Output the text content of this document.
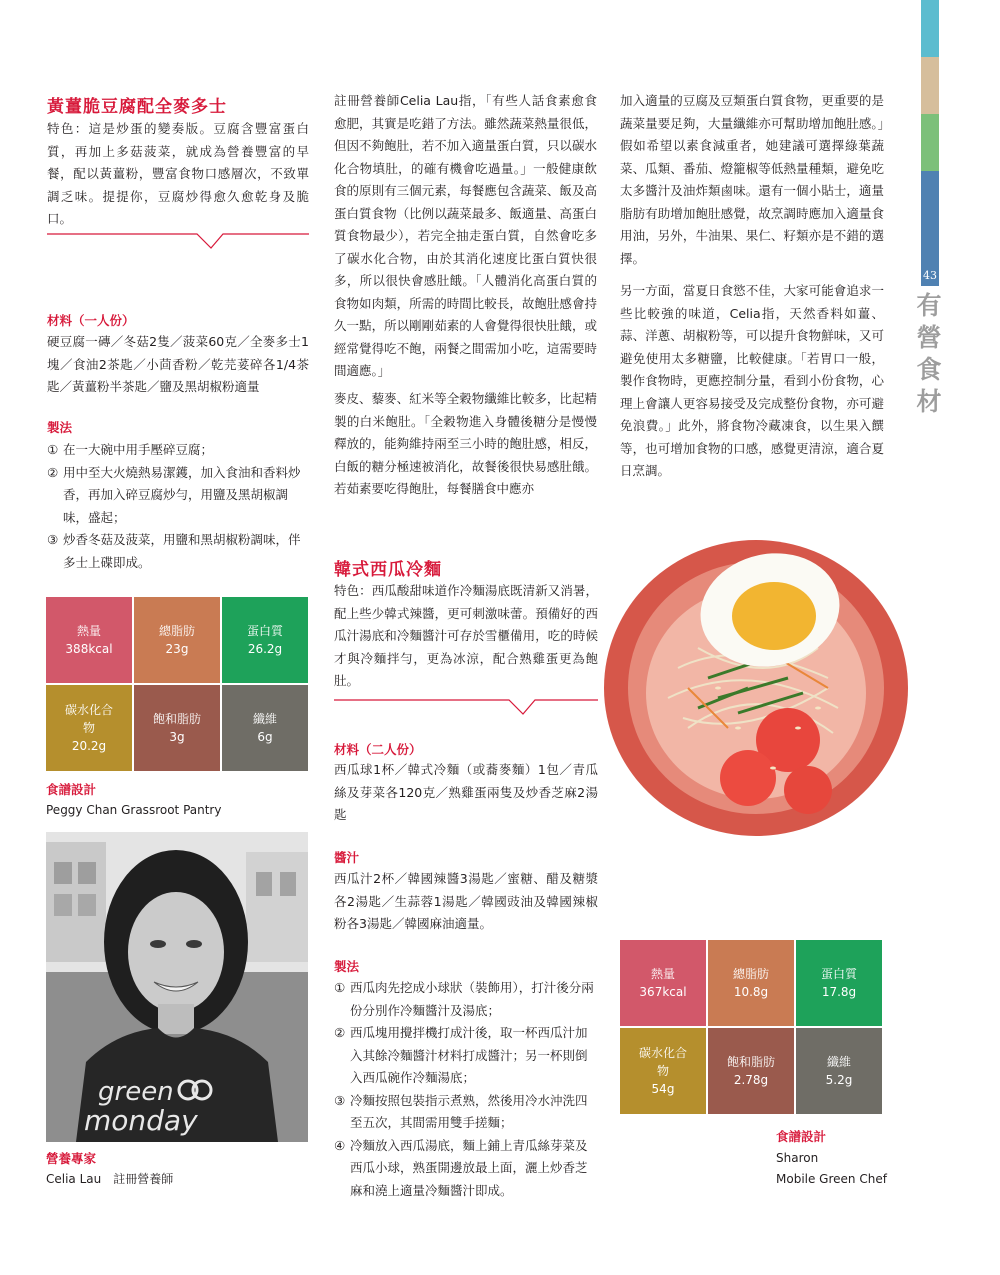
43
有
營
食
材
黃薑脆豆腐配全麥多士
特色：這是炒蛋的變奏版。豆腐含豐富蛋白質，再加上多菇菠菜，就成為營養豐富的早餐，配以黃薑粉，豐富食物口感層次，不致單調乏味。提提你，豆腐炒得愈久愈乾身及脆口。
材料（一人份）
硬豆腐一磚／冬菇2隻／菠菜60克／全麥多士1塊／食油2茶匙／小茴香粉／乾芫荽碎各1/4茶匙／黃薑粉半茶匙／鹽及黑胡椒粉適量
製法
① 在一大碗中用手壓碎豆腐；
② 用中至大火燒熱易潔鑊，加入食油和香料炒香，再加入碎豆腐炒勻，用鹽及黑胡椒調味，盛起；
③ 炒香冬菇及菠菜，用鹽和黑胡椒粉調味，伴多士上碟即成。
熱量
388kcal
總脂肪
23g
蛋白質
26.2g
碳水化合物
20.2g
飽和脂肪
3g
纖維
6g
食譜設計
Peggy Chan Grassroot Pantry
green
monday
營養專家
Celia Lau　註冊營養師
註冊營養師Celia Lau指，「有些人話食素愈食愈肥，其實是吃錯了方法。雖然蔬菜熱量很低，但因不夠飽肚，若不加入適量蛋白質，只以碳水化合物填肚，的確有機會吃過量。」一般健康飲食的原則有三個元素，每餐應包含蔬菜、飯及高蛋白質食物（比例以蔬菜最多、飯適量、高蛋白質食物最少），若完全抽走蛋白質，自然會吃多了碳水化合物，由於其消化速度比蛋白質快很多，所以很快會感肚餓。「人體消化高蛋白質的食物如肉類，所需的時間比較長，故飽肚感會持久一點，所以剛剛茹素的人會覺得很快肚餓，或經常覺得吃不飽，兩餐之間需加小吃，這需要時間適應。」
麥皮、藜麥、紅米等全穀物纖維比較多，比起精製的白米飽肚。「全穀物進入身體後糖分是慢慢釋放的，能夠維持兩至三小時的飽肚感，相反，白飯的糖分極速被消化，故餐後很快易感肚餓。若茹素要吃得飽肚，每餐膳食中應亦
加入適量的豆腐及豆類蛋白質食物，更重要的是蔬菜量要足夠，大量纖維亦可幫助增加飽肚感。」假如希望以素食減重者，她建議可選擇綠葉蔬菜、瓜類、番茄、燈籠椒等低熱量種類，避免吃太多醬汁及油炸類鹵味。還有一個小貼士，適量脂肪有助增加飽肚感覺，故烹調時應加入適量食用油，另外，牛油果、果仁、籽類亦是不錯的選擇。
另一方面，當夏日食慾不佳，大家可能會追求一些比較強的味道，Celia指，天然香料如薑、蒜、洋蔥、胡椒粉等，可以提升食物鮮味，又可避免使用太多糖鹽，比較健康。「若胃口一般，製作食物時，更應控制分量，看到小份食物，心理上會讓人更容易接受及完成整份食物，亦可避免浪費。」此外，將食物冷藏凍食，以生果入饌等，也可增加食物的口感，感覺更清涼，適合夏日烹調。
韓式西瓜冷麵
特色：西瓜酸甜味道作冷麵湯底既清新又消暑，配上些少韓式辣醬，更可刺激味蕾。預備好的西瓜汁湯底和冷麵醬汁可存於雪櫃備用，吃的時候才與冷麵拌勻，更為冰涼，配合熟雞蛋更為飽肚。
材料（二人份）
西瓜球1杯／韓式冷麵（或蕎麥麵）1包／青瓜絲及芽菜各120克／熟雞蛋兩隻及炒香芝麻2湯匙
醬汁
西瓜汁2杯／韓國辣醬3湯匙／蜜糖、醋及糖漿各2湯匙／生蒜蓉1湯匙／韓國豉油及韓國辣椒粉各3湯匙／韓國麻油適量。
製法
① 西瓜肉先挖成小球狀（裝飾用），打汁後分兩份分別作冷麵醬汁及湯底；
② 西瓜塊用攪拌機打成汁後，取一杯西瓜汁加入其餘冷麵醬汁材料打成醬汁；另一杯則倒入西瓜碗作冷麵湯底；
③ 冷麵按照包裝指示煮熟，然後用冷水沖洗四至五次，其間需用雙手搓麵；
④ 冷麵放入西瓜湯底，麵上鋪上青瓜絲芽菜及西瓜小球，熟蛋開邊放最上面，灑上炒香芝麻和澆上適量冷麵醬汁即成。
熱量
367kcal
總脂肪
10.8g
蛋白質
17.8g
碳水化合物
54g
飽和脂肪
2.78g
纖維
5.2g
食譜設計
Sharon
Mobile Green Chef
